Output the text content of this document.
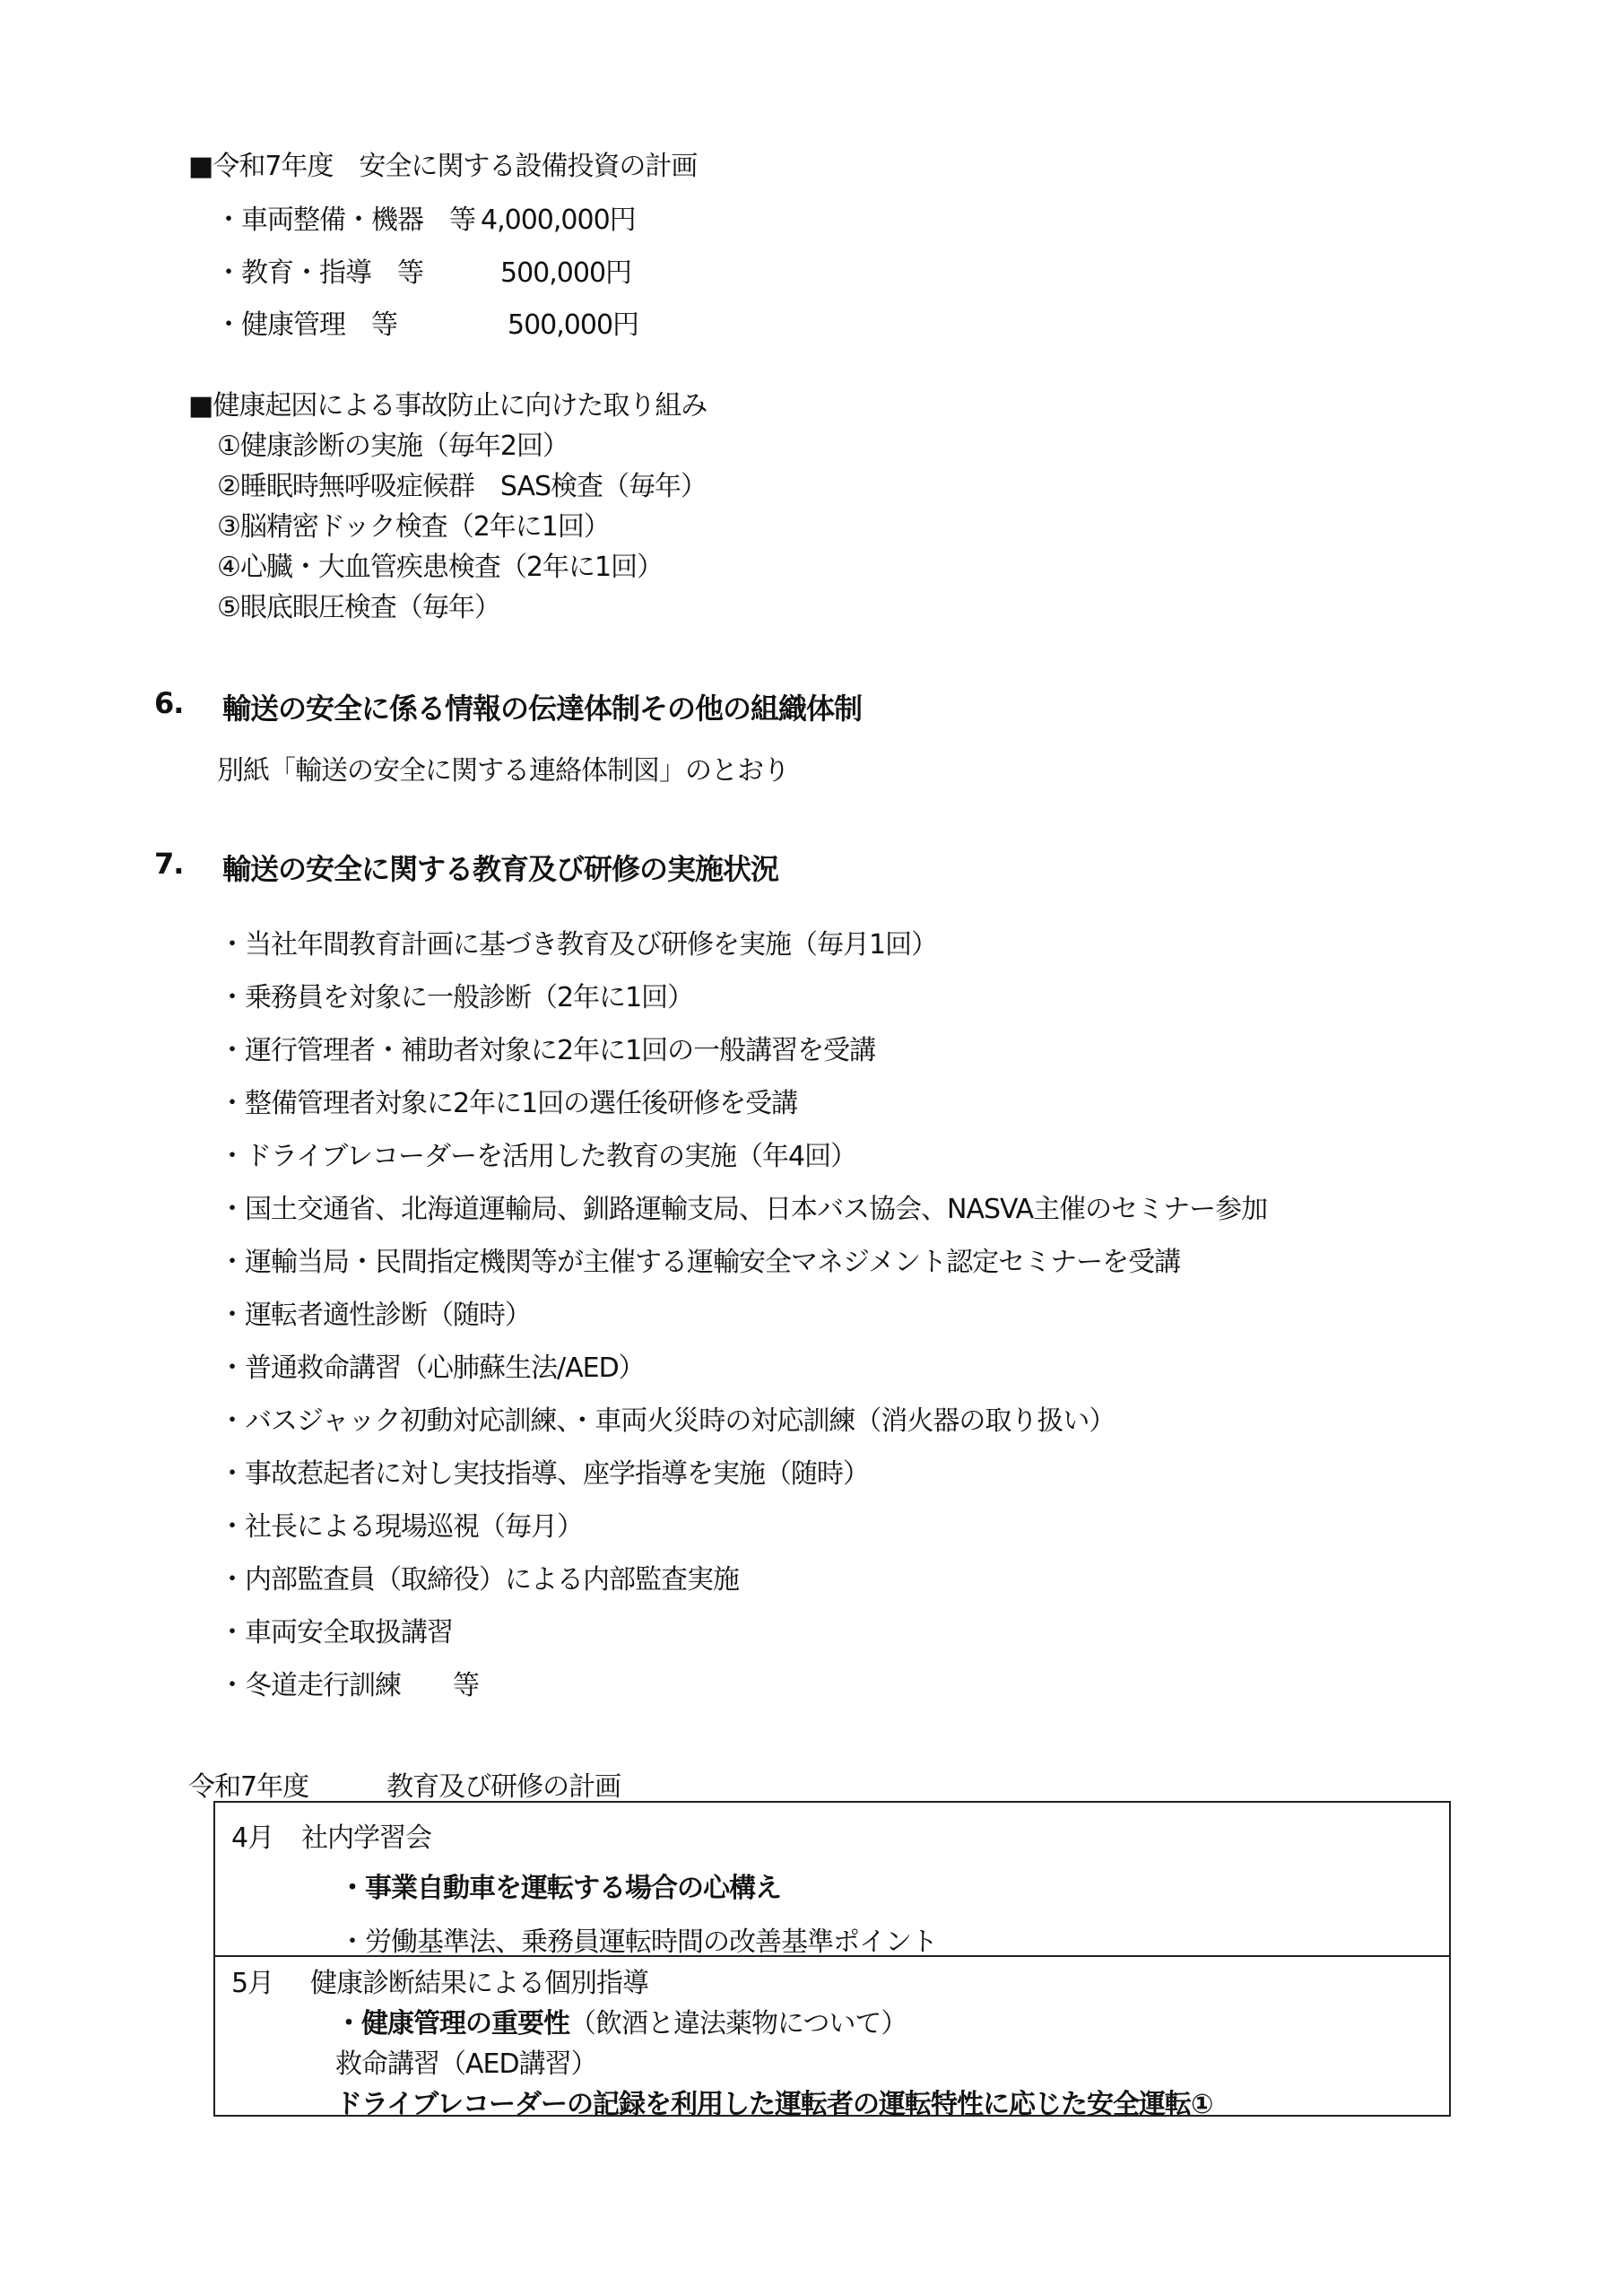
■令和7年度　安全に関する設備投資の計画
・車両整備・機器　等 4,000,000円
・教育・指導　等	500,000円
・健康管理　等	500,000円
■健康起因による事故防止に向けた取り組み
①健康診断の実施（毎年2回）
②睡眠時無呼吸症候群　SAS検査（毎年）
③脳精密ドック検査（2年に1回）
④心臓・大血管疾患検査（2年に1回）
⑤眼底眼圧検査（毎年）
6. 輸送の安全に係る情報の伝達体制その他の組織体制
別紙「輸送の安全に関する連絡体制図」のとおり
7. 輸送の安全に関する教育及び研修の実施状況
・当社年間教育計画に基づき教育及び研修を実施（毎月1回）
・乗務員を対象に一般診断（2年に1回）
・運行管理者・補助者対象に2年に1回の一般講習を受講
・整備管理者対象に2年に1回の選任後研修を受講
・ドライブレコーダーを活用した教育の実施（年4回）
・国土交通省、北海道運輸局、釧路運輸支局、日本バス協会、NASVA主催のセミナー参加
・運輸当局・民間指定機関等が主催する運輸安全マネジメント認定セミナーを受講
・運転者適性診断（随時）
・普通救命講習（心肺蘇生法/AED）
・バスジャック初動対応訓練、・車両火災時の対応訓練（消火器の取り扱い）
・事故惹起者に対し実技指導、座学指導を実施（随時）
・社長による現場巡視（毎月）
・内部監査員（取締役）による内部監査実施
・車両安全取扱講習
・冬道走行訓練　　等
令和7年度　　　教育及び研修の計画
4月 社内学習会
・事業自動車を運転する場合の心構え
・労働基準法、乗務員運転時間の改善基準ポイント
5月 健康診断結果による個別指導
・健康管理の重要性（飲酒と違法薬物について）
救命講習（AED講習）
ドライブレコーダーの記録を利用した運転者の運転特性に応じた安全運転①
